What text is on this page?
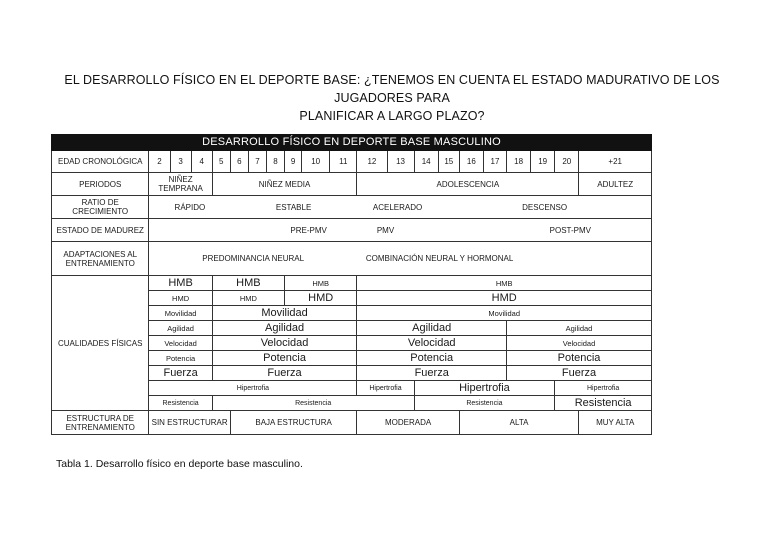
EL DESARROLLO FÍSICO EN EL DEPORTE BASE: ¿TENEMOS EN CUENTA EL ESTADO MADURATIVO DE LOS JUGADORES PARA
PLANIFICAR A LARGO PLAZO?
DESARROLLO FÍSICO EN DEPORTE BASE MASCULINO																				
EDAD CRONOLÓGICA	2	3	4	5	6	7	8	9	10	11	12	13	14	15	16	17	18	19	20	+21
PERIODOS	NIÑEZ TEMPRANA			NIÑEZ MEDIA							ADOLESCENCIA									ADULTEZ
RATIO DE CRECIMIENTO	RÁPIDO				ESTABLE						ACELERADO			DESCENSO						
ESTADO DE MADUREZ	PRE-PMV										PMV		POST-PMV							
ADAPTACIONES AL ENTRENAMIENTO	PREDOMINANCIA NEURAL										COMBINACIÓN NEURAL Y HORMONAL									
CUALIDADES FÍSICAS	HMB			HMB				HMB			HMB									
	HMD			HMD				HMD			HMD									
	Movilidad			Movilidad							Movilidad									
	Agilidad			Agilidad							Agilidad						Agilidad			
	Velocidad			Velocidad							Velocidad						Velocidad			
	Potencia			Potencia							Potencia						Potencia			
	Fuerza			Fuerza							Fuerza						Fuerza			
	Hipertrofia										Hipertrofia		Hipertrofia						Hipertrofia	
	Resistencia			Resistencia									Resistencia						Resistencia	
ESTRUCTURA DE ENTRENAMIENTO	SIN ESTRUCTURAR				BAJA ESTRUCTURA						MODERADA				ALTA					MUY ALTA
Tabla 1. Desarrollo físico en deporte base masculino.
